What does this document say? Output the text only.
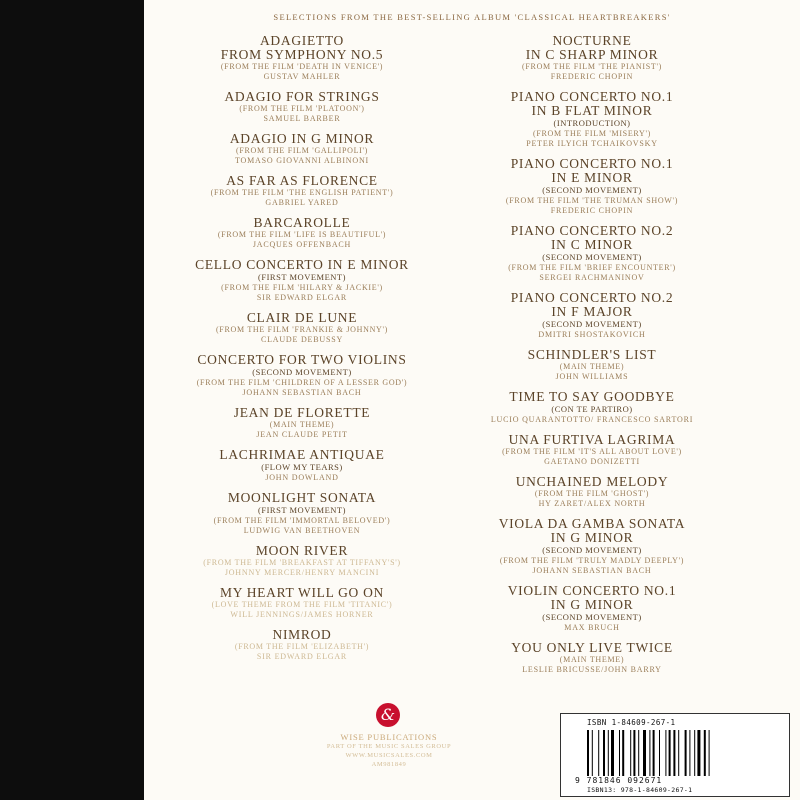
SELECTIONS FROM THE BEST-SELLING ALBUM 'CLASSICAL HEARTBREAKERS'
ADAGIETTO
FROM SYMPHONY NO.5
(FROM THE FILM 'DEATH IN VENICE')
GUSTAV MAHLER
ADAGIO FOR STRINGS
(FROM THE FILM 'PLATOON')
SAMUEL BARBER
ADAGIO IN G MINOR
(FROM THE FILM 'GALLIPOLI')
TOMASO GIOVANNI ALBINONI
AS FAR AS FLORENCE
(FROM THE FILM 'THE ENGLISH PATIENT')
GABRIEL YARED
BARCAROLLE
(FROM THE FILM 'LIFE IS BEAUTIFUL')
JACQUES OFFENBACH
CELLO CONCERTO IN E MINOR
(FIRST MOVEMENT)
(FROM THE FILM 'HILARY & JACKIE')
SIR EDWARD ELGAR
CLAIR DE LUNE
(FROM THE FILM 'FRANKIE & JOHNNY')
CLAUDE DEBUSSY
CONCERTO FOR TWO VIOLINS
(SECOND MOVEMENT)
(FROM THE FILM 'CHILDREN OF A LESSER GOD')
JOHANN SEBASTIAN BACH
JEAN DE FLORETTE
(MAIN THEME)
JEAN CLAUDE PETIT
LACHRIMAE ANTIQUAE
(FLOW MY TEARS)
JOHN DOWLAND
MOONLIGHT SONATA
(FIRST MOVEMENT)
(FROM THE FILM 'IMMORTAL BELOVED')
LUDWIG VAN BEETHOVEN
MOON RIVER
(FROM THE FILM 'BREAKFAST AT TIFFANY'S')
JOHNNY MERCER/HENRY MANCINI
MY HEART WILL GO ON
(LOVE THEME FROM THE FILM 'TITANIC')
WILL JENNINGS/JAMES HORNER
NIMROD
(FROM THE FILM 'ELIZABETH')
SIR EDWARD ELGAR
NOCTURNE
IN C SHARP MINOR
(FROM THE FILM 'THE PIANIST')
FREDERIC CHOPIN
PIANO CONCERTO NO.1
IN B FLAT MINOR
(INTRODUCTION)
(FROM THE FILM 'MISERY')
PETER ILYICH TCHAIKOVSKY
PIANO CONCERTO NO.1
IN E MINOR
(SECOND MOVEMENT)
(FROM THE FILM 'THE TRUMAN SHOW')
FREDERIC CHOPIN
PIANO CONCERTO NO.2
IN C MINOR
(SECOND MOVEMENT)
(FROM THE FILM 'BRIEF ENCOUNTER')
SERGEI RACHMANINOV
PIANO CONCERTO NO.2
IN F MAJOR
(SECOND MOVEMENT)
DMITRI SHOSTAKOVICH
SCHINDLER'S LIST
(MAIN THEME)
JOHN WILLIAMS
TIME TO SAY GOODBYE
(CON TE PARTIRO)
LUCIO QUARANTOTTO/ FRANCESCO SARTORI
UNA FURTIVA LAGRIMA
(FROM THE FILM 'IT'S ALL ABOUT LOVE')
GAETANO DONIZETTI
UNCHAINED MELODY
(FROM THE FILM 'GHOST')
HY ZARET/ALEX NORTH
VIOLA DA GAMBA SONATA
IN G MINOR
(SECOND MOVEMENT)
(FROM THE FILM 'TRULY MADLY DEEPLY')
JOHANN SEBASTIAN BACH
VIOLIN CONCERTO NO.1
IN G MINOR
(SECOND MOVEMENT)
MAX BRUCH
YOU ONLY LIVE TWICE
(MAIN THEME)
LESLIE BRICUSSE/JOHN BARRY
&
WISE PUBLICATIONS
PART OF THE MUSIC SALES GROUP
WWW.MUSICSALES.COM
AM981849
ISBN 1-84609-267-1
9 781846 092671
ISBN13: 978-1-84609-267-1
